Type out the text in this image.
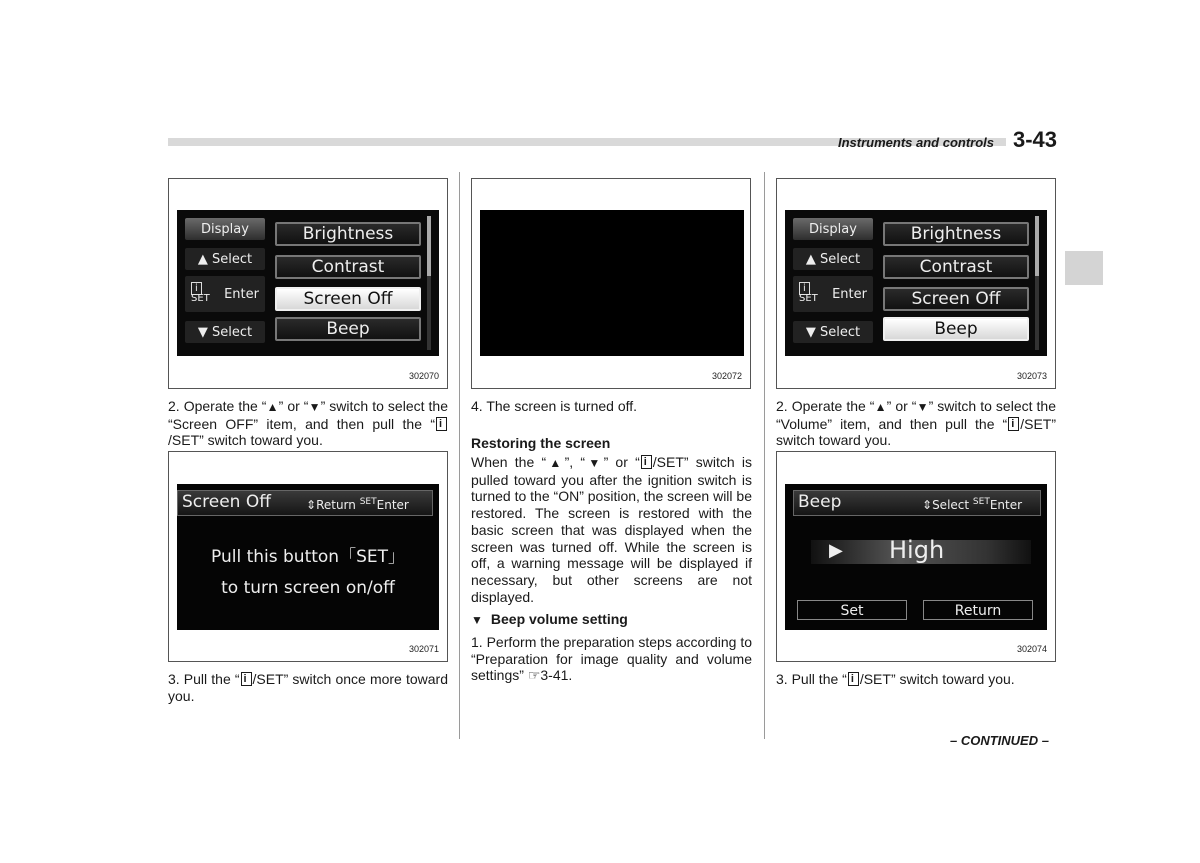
Instruments and controls 3-43
Display
▲ Select
i
SET Enter
▼ Select
Brightness
Contrast
Screen Off
Beep
302070

2. Operate the “▲” or “▼” switch to select the “Screen OFF” item, and then pull the “i/SET” switch toward you.

Screen Off	⇕Return $^{SET}$Enter
Pull this button「SET」
to turn screen on/off
302071

3. Pull the “ i /SET” switch once more toward you.

302072
4. The screen is turned off.
Restoring the screen

When the “▲”, “▼” or “ i /SET” switch is pulled toward you after the ignition switch is turned to the “ON” position, the screen will be restored. The screen is restored with the basic screen that was displayed when the screen was turned off. While the screen is off, a warning message will be displayed if necessary, but other screens are not displayed.

▼ Beep volume setting

1. Perform the preparation steps according to “Preparation for image quality and volume settings” ☞3-41.

Display
▲ Select
i
SET Enter
▼ Select
Brightness
Contrast
Screen Off
Beep
302073

2. Operate the “▲” or “▼” switch to select the “Volume” item, and then pull the “ i /SET” switch toward you.

Beep	⇕Select $^{SET}$Enter
▶ High
Set	Return
302074

3. Pull the “ i /SET” switch toward you.

– CONTINUED –
